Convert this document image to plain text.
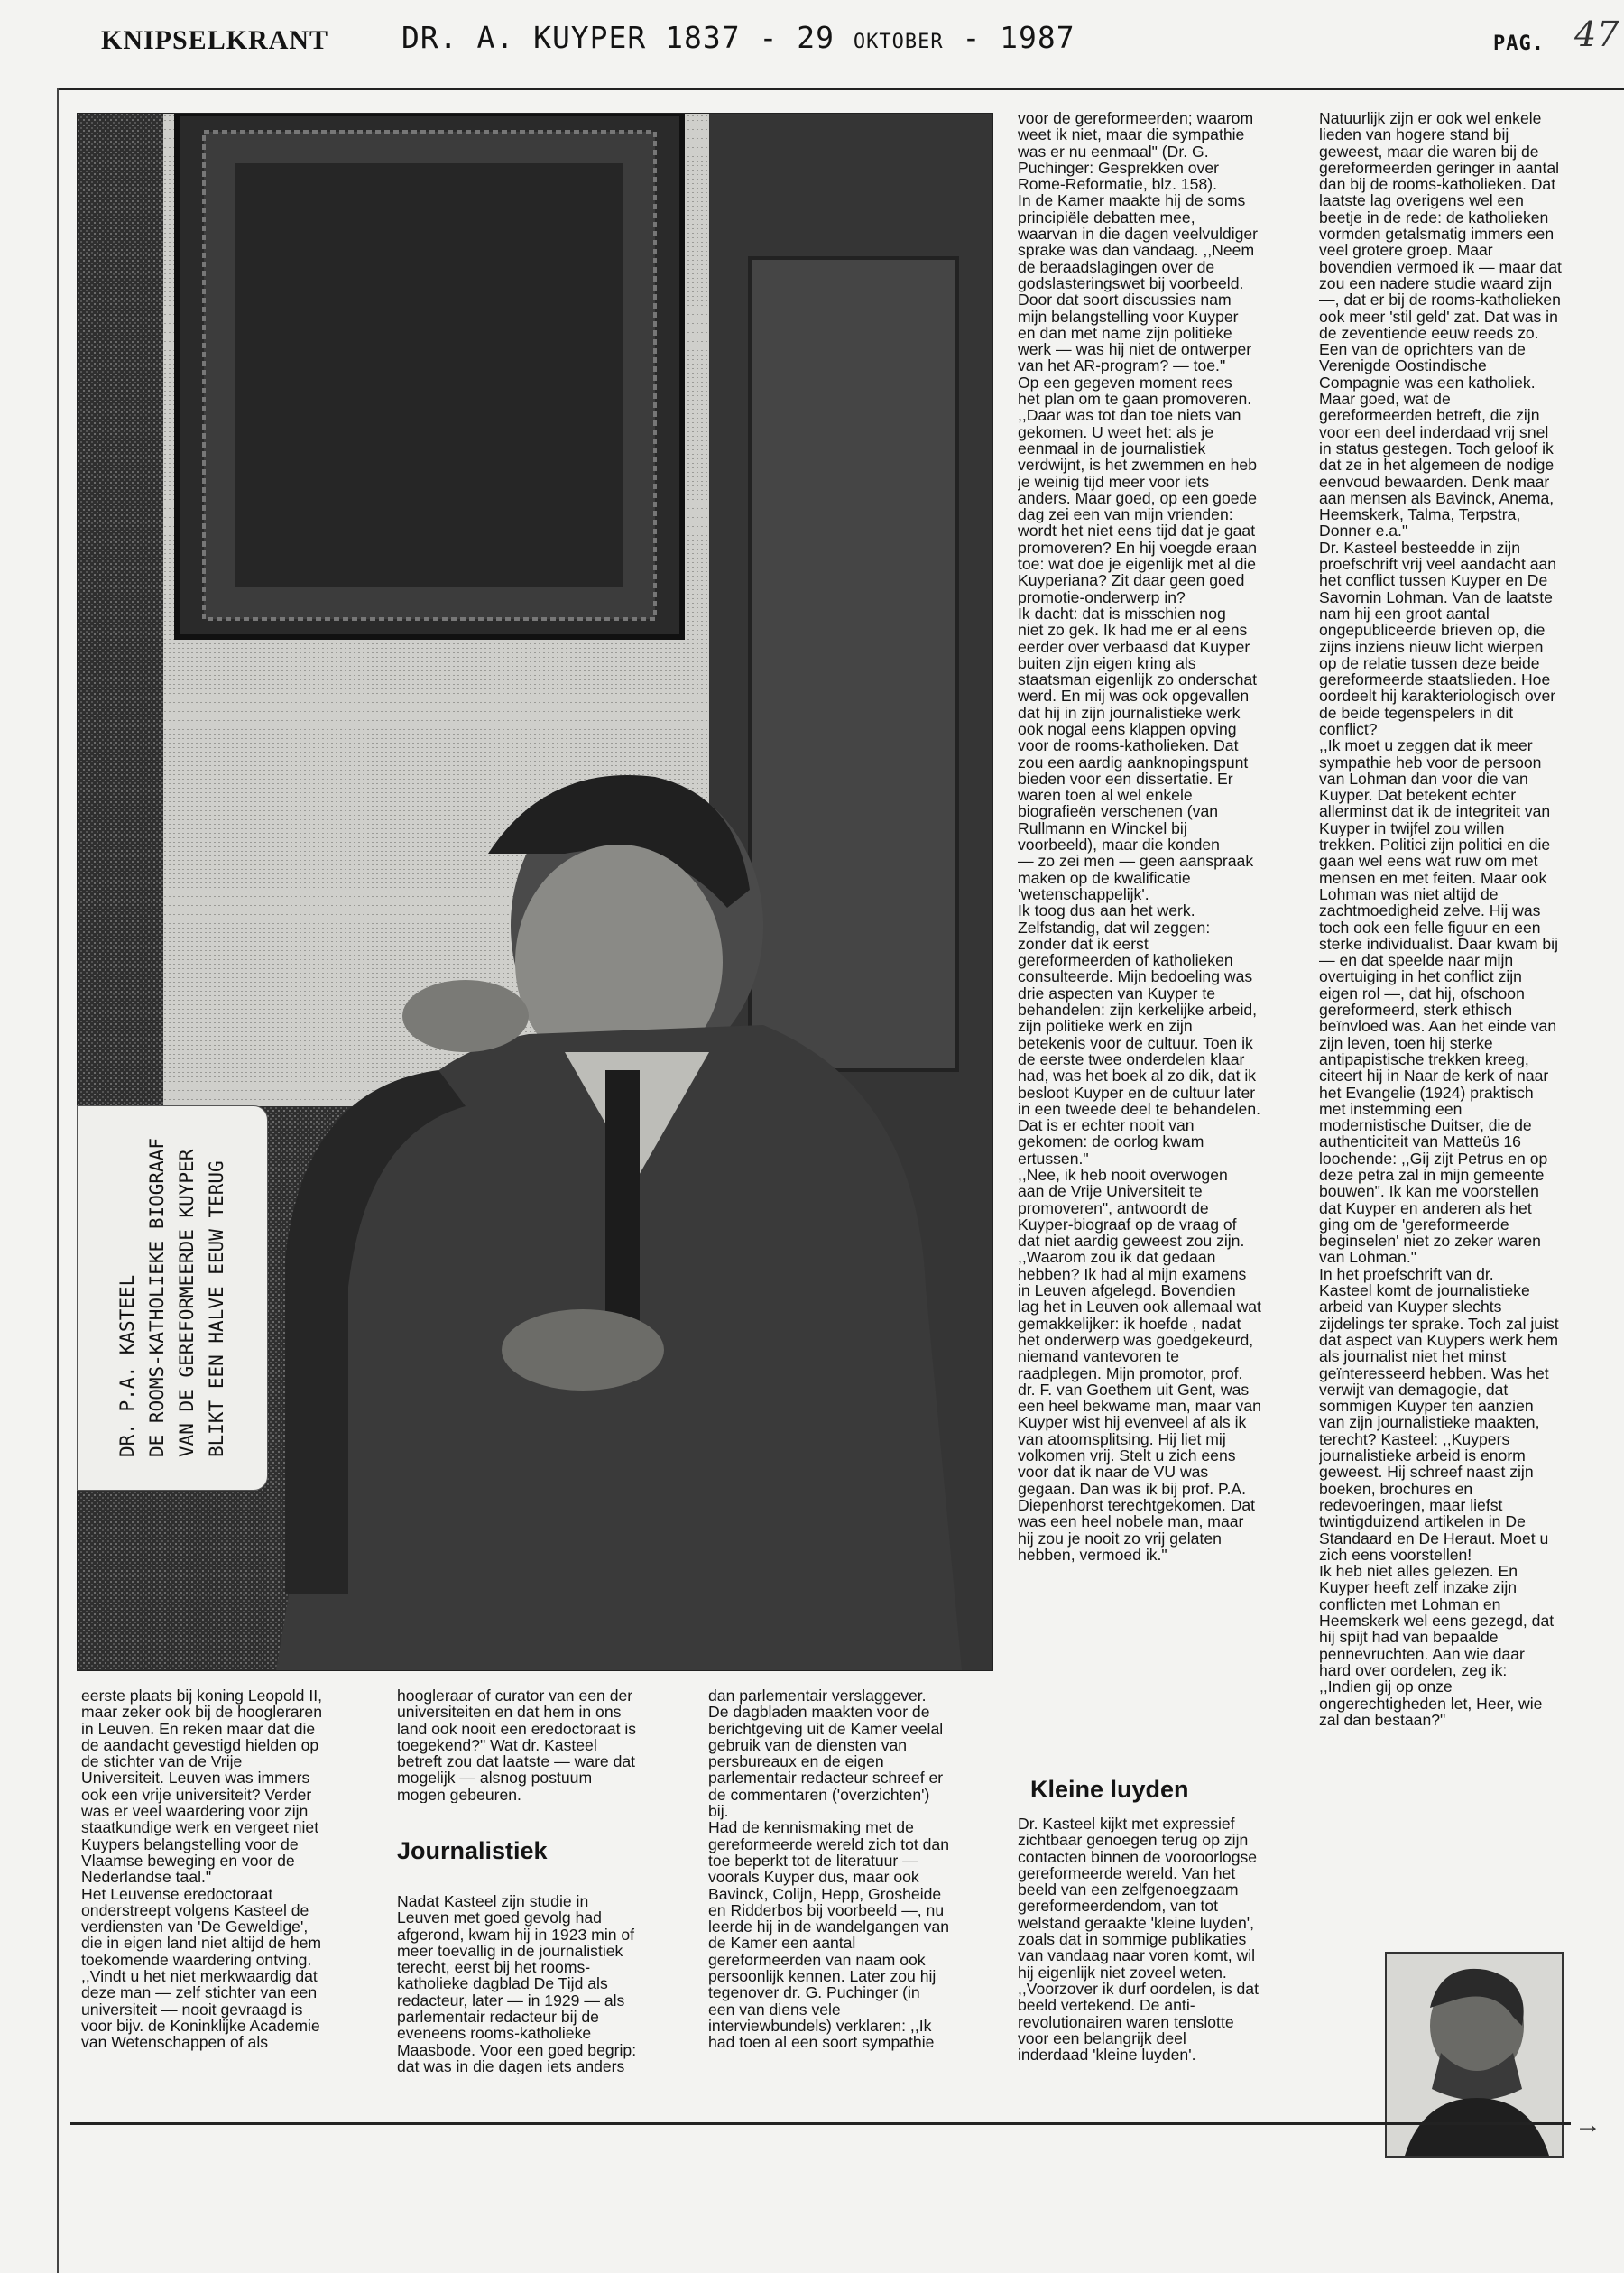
KNIPSELKRANT DR. A. KUYPER 1837 - 29 OKTOBER - 1987	PAG. 47
DR. P.A. KASTEEL DE ROOMS-KATHOLIEKE BIOGRAAF VAN DE GEREFORMEERDE KUYPER BLIKT EEN HALVE EEUW TERUG
eerste plaats bij koning Leopold II,
maar zeker ook bij de hoogleraren
in Leuven. En reken maar dat die
de aandacht gevestigd hielden op
de stichter van de Vrije
Universiteit. Leuven was immers
ook een vrije universiteit? Verder
was er veel waardering voor zijn
staatkundige werk en vergeet niet
Kuypers belangstelling voor de
Vlaamse beweging en voor de
Nederlandse taal."
Het Leuvense eredoctoraat
onderstreept volgens Kasteel de
verdiensten van 'De Geweldige',
die in eigen land niet altijd de hem
toekomende waardering ontving.
,,Vindt u het niet merkwaardig dat
deze man — zelf stichter van een
universiteit — nooit gevraagd is
voor bijv. de Koninklijke Academie
van Wetenschappen of als
hoogleraar of curator van een der
universiteiten en dat hem in ons
land ook nooit een eredoctoraat is
toegekend?" Wat dr. Kasteel
betreft zou dat laatste — ware dat
mogelijk — alsnog postuum
mogen gebeuren.
Journalistiek
Nadat Kasteel zijn studie in
Leuven met goed gevolg had
afgerond, kwam hij in 1923 min of
meer toevallig in de journalistiek
terecht, eerst bij het rooms-
katholieke dagblad De Tijd als
redacteur, later — in 1929 — als
parlementair redacteur bij de
eveneens rooms-katholieke
Maasbode. Voor een goed begrip:
dat was in die dagen iets anders
dan parlementair verslaggever.
De dagbladen maakten voor de
berichtgeving uit de Kamer veelal
gebruik van de diensten van
persbureaux en de eigen
parlementair redacteur schreef er
de commentaren ('overzichten')
bij.
Had de kennismaking met de
gereformeerde wereld zich tot dan
toe beperkt tot de literatuur —
voorals Kuyper dus, maar ook
Bavinck, Colijn, Hepp, Grosheide
en Ridderbos bij voorbeeld —, nu
leerde hij in de wandelgangen van
de Kamer een aantal
gereformeerden van naam ook
persoonlijk kennen. Later zou hij
tegenover dr. G. Puchinger (in
een van diens vele
interviewbundels) verklaren: ,,Ik
had toen al een soort sympathie
voor de gereformeerden; waarom
weet ik niet, maar die sympathie
was er nu eenmaal" (Dr. G.
Puchinger: Gesprekken over
Rome-Reformatie, blz. 158).
In de Kamer maakte hij de soms
principiële debatten mee,
waarvan in die dagen veelvuldiger
sprake was dan vandaag. ,,Neem
de beraadslagingen over de
godslasteringswet bij voorbeeld.
Door dat soort discussies nam
mijn belangstelling voor Kuyper
en dan met name zijn politieke
werk — was hij niet de ontwerper
van het AR-program? — toe."
Op een gegeven moment rees
het plan om te gaan promoveren.
,,Daar was tot dan toe niets van
gekomen. U weet het: als je
eenmaal in de journalistiek
verdwijnt, is het zwemmen en heb
je weinig tijd meer voor iets
anders. Maar goed, op een goede
dag zei een van mijn vrienden:
wordt het niet eens tijd dat je gaat
promoveren? En hij voegde eraan
toe: wat doe je eigenlijk met al die
Kuyperiana? Zit daar geen goed
promotie-onderwerp in?
Ik dacht: dat is misschien nog
niet zo gek. Ik had me er al eens
eerder over verbaasd dat Kuyper
buiten zijn eigen kring als
staatsman eigenlijk zo onderschat
werd. En mij was ook opgevallen
dat hij in zijn journalistieke werk
ook nogal eens klappen opving
voor de rooms-katholieken. Dat
zou een aardig aanknopingspunt
bieden voor een dissertatie. Er
waren toen al wel enkele
biografieën verschenen (van
Rullmann en Winckel bij
voorbeeld), maar die konden
— zo zei men — geen aanspraak
maken op de kwalificatie
'wetenschappelijk'.
Ik toog dus aan het werk.
Zelfstandig, dat wil zeggen:
zonder dat ik eerst
gereformeerden of katholieken
consulteerde. Mijn bedoeling was
drie aspecten van Kuyper te
behandelen: zijn kerkelijke arbeid,
zijn politieke werk en zijn
betekenis voor de cultuur. Toen ik
de eerste twee onderdelen klaar
had, was het boek al zo dik, dat ik
besloot Kuyper en de cultuur later
in een tweede deel te behandelen.
Dat is er echter nooit van
gekomen: de oorlog kwam
ertussen."
,,Nee, ik heb nooit overwogen
aan de Vrije Universiteit te
promoveren", antwoordt de
Kuyper-biograaf op de vraag of
dat niet aardig geweest zou zijn.
,,Waarom zou ik dat gedaan
hebben? Ik had al mijn examens
in Leuven afgelegd. Bovendien
lag het in Leuven ook allemaal wat
gemakkelijker: ik hoefde , nadat
het onderwerp was goedgekeurd,
niemand vantevoren te
raadplegen. Mijn promotor, prof.
dr. F. van Goethem uit Gent, was
een heel bekwame man, maar van
Kuyper wist hij evenveel af als ik
van atoomsplitsing. Hij liet mij
volkomen vrij. Stelt u zich eens
voor dat ik naar de VU was
gegaan. Dan was ik bij prof. P.A.
Diepenhorst terechtgekomen. Dat
was een heel nobele man, maar
hij zou je nooit zo vrij gelaten
hebben, vermoed ik."
Kleine luyden
Dr. Kasteel kijkt met expressief
zichtbaar genoegen terug op zijn
contacten binnen de vooroorlogse
gereformeerde wereld. Van het
beeld van een zelfgenoegzaam
gereformeerdendom, van tot
welstand geraakte 'kleine luyden',
zoals dat in sommige publikaties
van vandaag naar voren komt, wil
hij eigenlijk niet zoveel weten.
,,Voorzover ik durf oordelen, is dat
beeld vertekend. De anti-
revolutionairen waren tenslotte
voor een belangrijk deel
inderdaad 'kleine luyden'.
Natuurlijk zijn er ook wel enkele
lieden van hogere stand bij
geweest, maar die waren bij de
gereformeerden geringer in aantal
dan bij de rooms-katholieken. Dat
laatste lag overigens wel een
beetje in de rede: de katholieken
vormden getalsmatig immers een
veel grotere groep. Maar
bovendien vermoed ik — maar dat
zou een nadere studie waard zijn
—, dat er bij de rooms-katholieken
ook meer 'stil geld' zat. Dat was in
de zeventiende eeuw reeds zo.
Een van de oprichters van de
Verenigde Oostindische
Compagnie was een katholiek.
Maar goed, wat de
gereformeerden betreft, die zijn
voor een deel inderdaad vrij snel
in status gestegen. Toch geloof ik
dat ze in het algemeen de nodige
eenvoud bewaarden. Denk maar
aan mensen als Bavinck, Anema,
Heemskerk, Talma, Terpstra,
Donner e.a."
Dr. Kasteel besteedde in zijn
proefschrift vrij veel aandacht aan
het conflict tussen Kuyper en De
Savornin Lohman. Van de laatste
nam hij een groot aantal
ongepubliceerde brieven op, die
zijns inziens nieuw licht wierpen
op de relatie tussen deze beide
gereformeerde staatslieden. Hoe
oordeelt hij karakteriologisch over
de beide tegenspelers in dit
conflict?
,,Ik moet u zeggen dat ik meer
sympathie heb voor de persoon
van Lohman dan voor die van
Kuyper. Dat betekent echter
allerminst dat ik de integriteit van
Kuyper in twijfel zou willen
trekken. Politici zijn politici en die
gaan wel eens wat ruw om met
mensen en met feiten. Maar ook
Lohman was niet altijd de
zachtmoedigheid zelve. Hij was
toch ook een felle figuur en een
sterke individualist. Daar kwam bij
— en dat speelde naar mijn
overtuiging in het conflict zijn
eigen rol —, dat hij, ofschoon
gereformeerd, sterk ethisch
beïnvloed was. Aan het einde van
zijn leven, toen hij sterke
antipapistische trekken kreeg,
citeert hij in Naar de kerk of naar
het Evangelie (1924) praktisch
met instemming een
modernistische Duitser, die de
authenticiteit van Matteüs 16
loochende: ,,Gij zijt Petrus en op
deze petra zal in mijn gemeente
bouwen". Ik kan me voorstellen
dat Kuyper en anderen als het
ging om de 'gereformeerde
beginselen' niet zo zeker waren
van Lohman."
In het proefschrift van dr.
Kasteel komt de journalistieke
arbeid van Kuyper slechts
zijdelings ter sprake. Toch zal juist
dat aspect van Kuypers werk hem
als journalist niet het minst
geïnteresseerd hebben. Was het
verwijt van demagogie, dat
sommigen Kuyper ten aanzien
van zijn journalistieke maakten,
terecht? Kasteel: ,,Kuypers
journalistieke arbeid is enorm
geweest. Hij schreef naast zijn
boeken, brochures en
redevoeringen, maar liefst
twintigduizend artikelen in De
Standaard en De Heraut. Moet u
zich eens voorstellen!
Ik heb niet alles gelezen. En
Kuyper heeft zelf inzake zijn
conflicten met Lohman en
Heemskerk wel eens gezegd, dat
hij spijt had van bepaalde
pennevruchten. Aan wie daar
hard over oordelen, zeg ik:
,,Indien gij op onze
ongerechtigheden let, Heer, wie
zal dan bestaan?"
→
